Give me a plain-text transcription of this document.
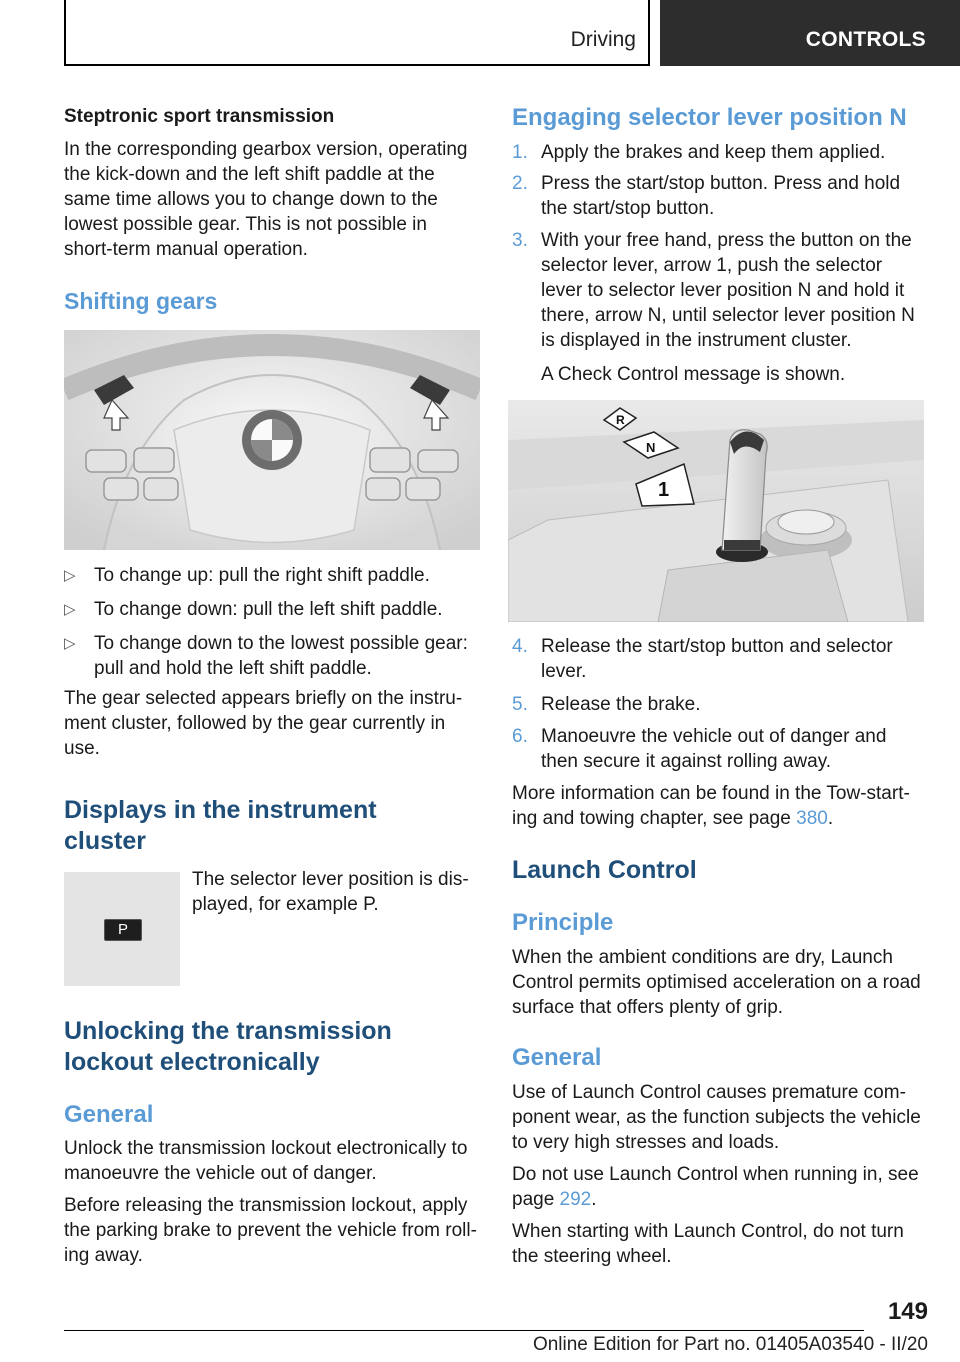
Driving	CONTROLS
Steptronic sport transmission

In the corresponding gearbox version, operating the kick-down and the left shift paddle at the same time allows you to change down to the lowest possible gear. This is not possible in short-term manual operation.

Shifting gears
▷ To change up: pull the right shift paddle.
▷ To change down: pull the left shift paddle.
▷ To change down to the lowest possible gear: pull and hold the left shift paddle.

The gear selected appears briefly on the instru-ment cluster, followed by the gear currently in use.

Displays in the instrument cluster
P

The selector lever position is dis-played, for example P.

Unlocking the transmission lockout electronically
General

Unlock the transmission lockout electronically to manoeuvre the vehicle out of danger.

Before releasing the transmission lockout, apply the parking brake to prevent the vehicle from roll-ing away.

Engaging selector lever position N
1. Apply the brakes and keep them applied.
2. Press the start/stop button. Press and hold the start/stop button.
3. With your free hand, press the button on the selector lever, arrow 1, push the selector lever to selector lever position N and hold it there, arrow N, until selector lever position N is displayed in the instrument cluster.

A Check Control message is shown.

R
N
1
4. Release the start/stop button and selector lever.
5. Release the brake.
6. Manoeuvre the vehicle out of danger and then secure it against rolling away.

More information can be found in the Tow-start-ing and towing chapter, see page 380.

Launch Control
Principle

When the ambient conditions are dry, Launch Control permits optimised acceleration on a road surface that offers plenty of grip.

General

Use of Launch Control causes premature com-ponent wear, as the function subjects the vehicle to very high stresses and loads.

Do not use Launch Control when running in, see page 292.

When starting with Launch Control, do not turn the steering wheel.

149
Online Edition for Part no. 01405A03540 - II/20
